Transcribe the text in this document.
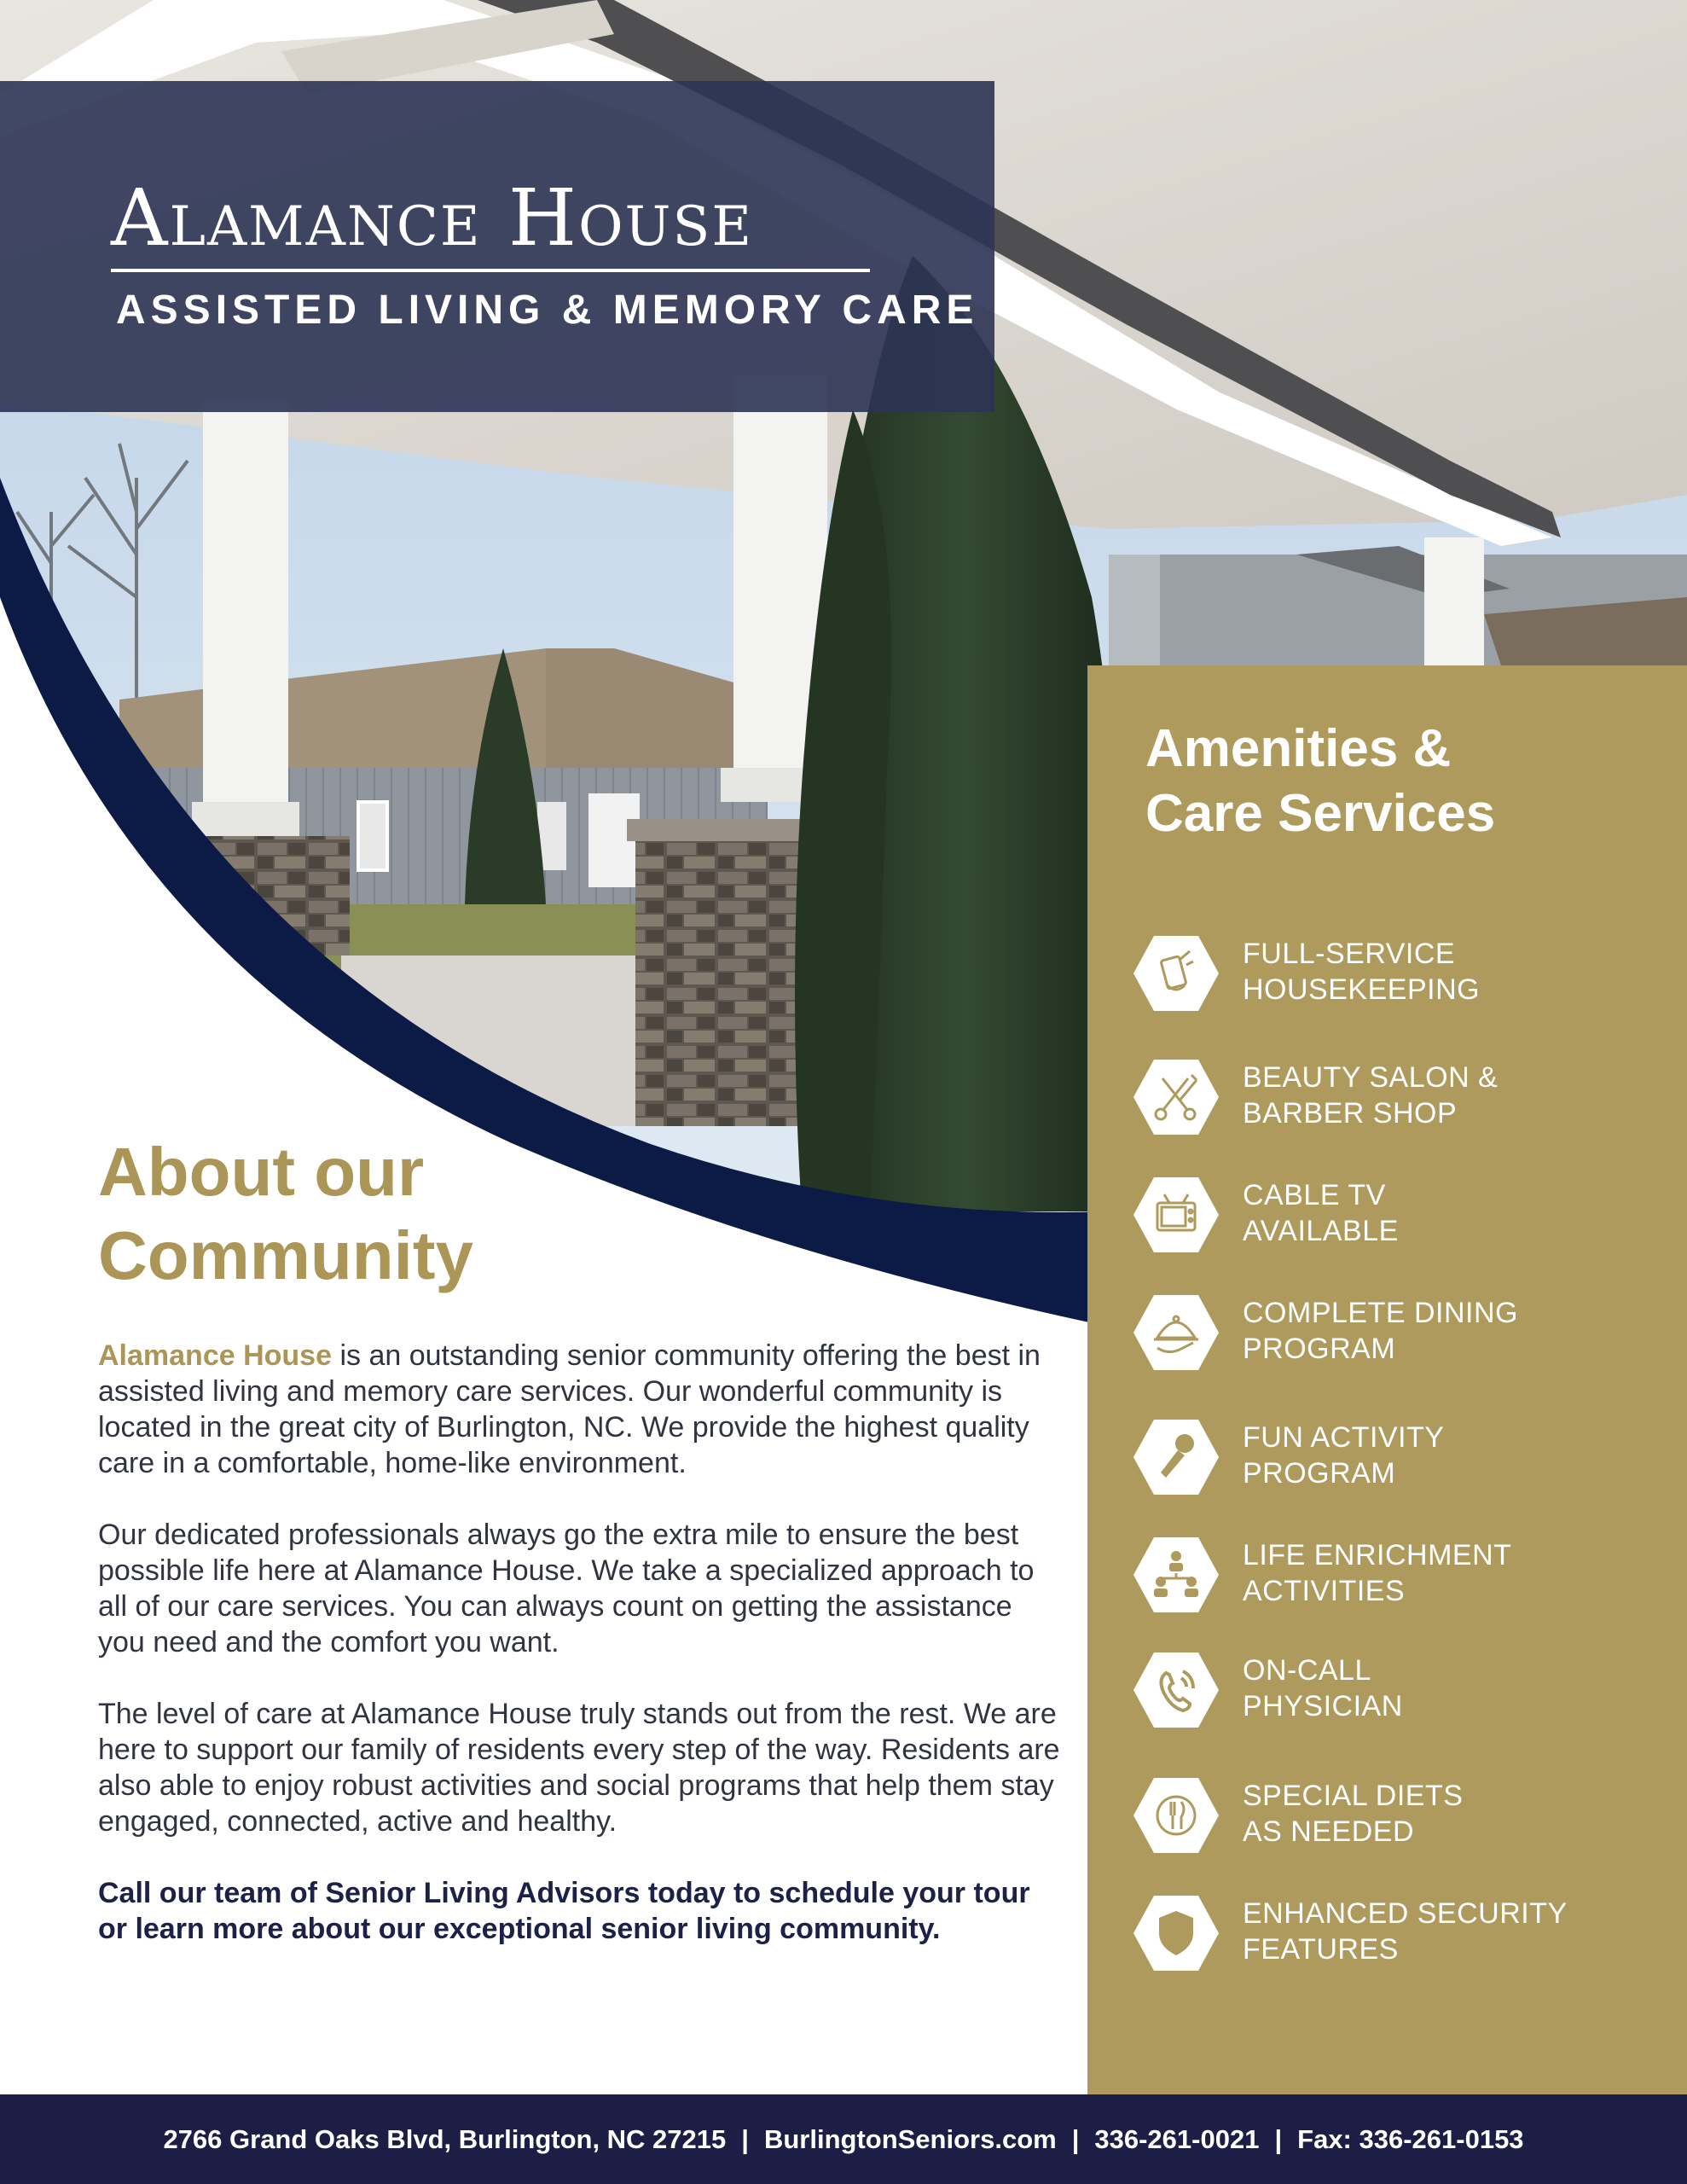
Alamance House
ASSISTED LIVING & MEMORY CARE
About our
Community

Alamance House is an outstanding senior community offering the best in assisted living and memory care services. Our wonderful community is located in the great city of Burlington, NC. We provide the highest quality care in a comfortable, home-like environment.

Our dedicated professionals always go the extra mile to ensure the best possible life here at Alamance House. We take a specialized approach to all of our care services. You can always count on getting the assistance you need and the comfort you want.

The level of care at Alamance House truly stands out from the rest. We are here to support our family of residents every step of the way. Residents are also able to enjoy robust activities and social programs that help them stay engaged, connected, active and healthy.

Call our team of Senior Living Advisors today to schedule your tour or learn more about our exceptional senior living community.

Amenities &
Care Services
FULL-SERVICE
HOUSEKEEPING
BEAUTY SALON &
BARBER SHOP
CABLE TV
AVAILABLE
COMPLETE DINING
PROGRAM
FUN ACTIVITY
PROGRAM
LIFE ENRICHMENT
ACTIVITIES
ON-CALL
PHYSICIAN
SPECIAL DIETS
AS NEEDED
ENHANCED SECURITY
FEATURES
2766 Grand Oaks Blvd, Burlington, NC 27215 | BurlingtonSeniors.com | 336-261-0021 | Fax: 336-261-0153
